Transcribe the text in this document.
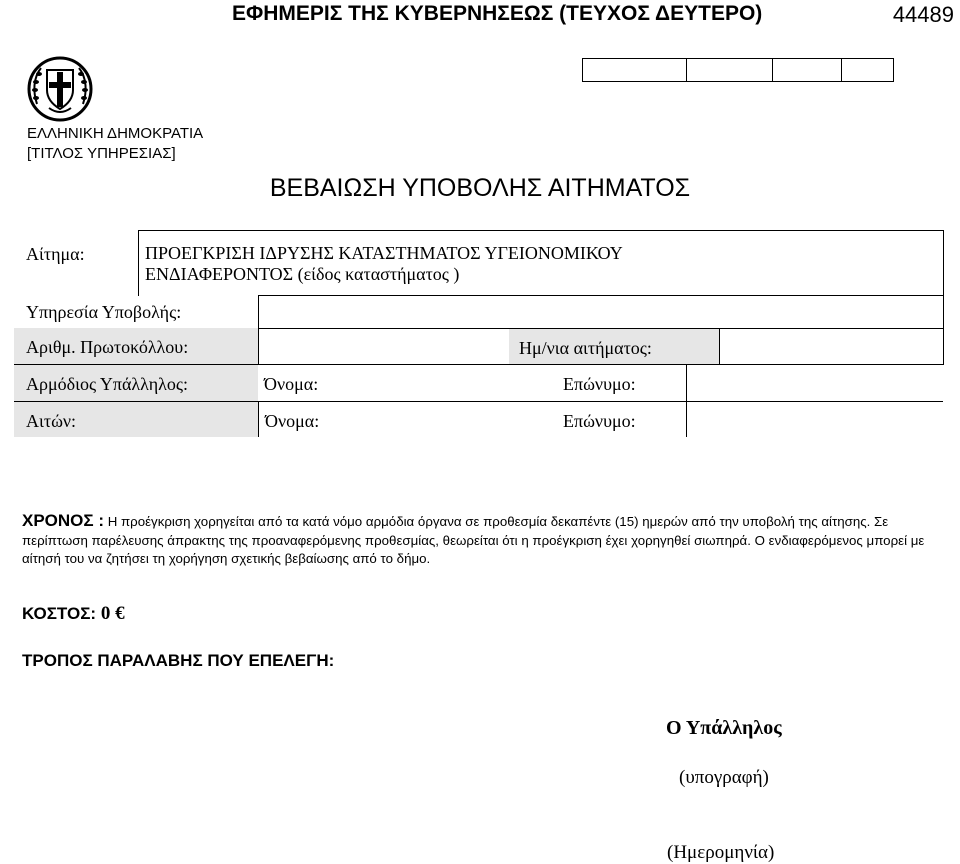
ΕΦΗΜΕΡΙΣ ΤΗΣ ΚΥΒΕΡΝΗΣΕΩΣ (ΤΕΥΧΟΣ ΔΕΥΤΕΡΟ)	44489
ΕΛΛΗΝΙΚΗ ΔΗΜΟΚΡΑΤΙΑ
[ΤΙΤΛΟΣ ΥΠΗΡΕΣΙΑΣ]
ΒΕΒΑΙΩΣΗ ΥΠΟΒΟΛΗΣ ΑΙΤΗΜΑΤΟΣ
Αίτημα:	ΠΡΟΕΓΚΡΙΣΗ ΙΔΡΥΣΗΣ ΚΑΤΑΣΤΗΜΑΤΟΣ ΥΓΕΙΟΝΟΜΙΚΟΥ
ΕΝΔΙΑΦΕΡΟΝΤΟΣ (είδος καταστήματος )
Υπηρεσία Υποβολής:
Αριθμ. Πρωτοκόλλου:	Ημ/νια αιτήματος:
Αρμόδιος Υπάλληλος:	Όνομα:	Επώνυμο:
Αιτών:	Όνομα:	Επώνυμο:
ΧΡΟΝΟΣ : Η προέγκριση χορηγείται από τα κατά νόμο αρμόδια όργανα σε προθεσμία δεκαπέντε (15) ημερών από την υποβολή της αίτησης. Σε περίπτωση παρέλευσης άπρακτης της προαναφερόμενης προθεσμίας, θεωρείται ότι η προέγκριση έχει χορηγηθεί σιωπηρά. Ο ενδιαφερόμενος μπορεί με αίτησή του να ζητήσει τη χορήγηση σχετικής βεβαίωσης από το δήμο.
ΚΟΣΤΟΣ: 0 €
ΤΡΟΠΟΣ ΠΑΡΑΛΑΒΗΣ ΠΟΥ ΕΠΕΛΕΓΗ:
Ο Υπάλληλος
(υπογραφή)
(Ημερομηνία)
